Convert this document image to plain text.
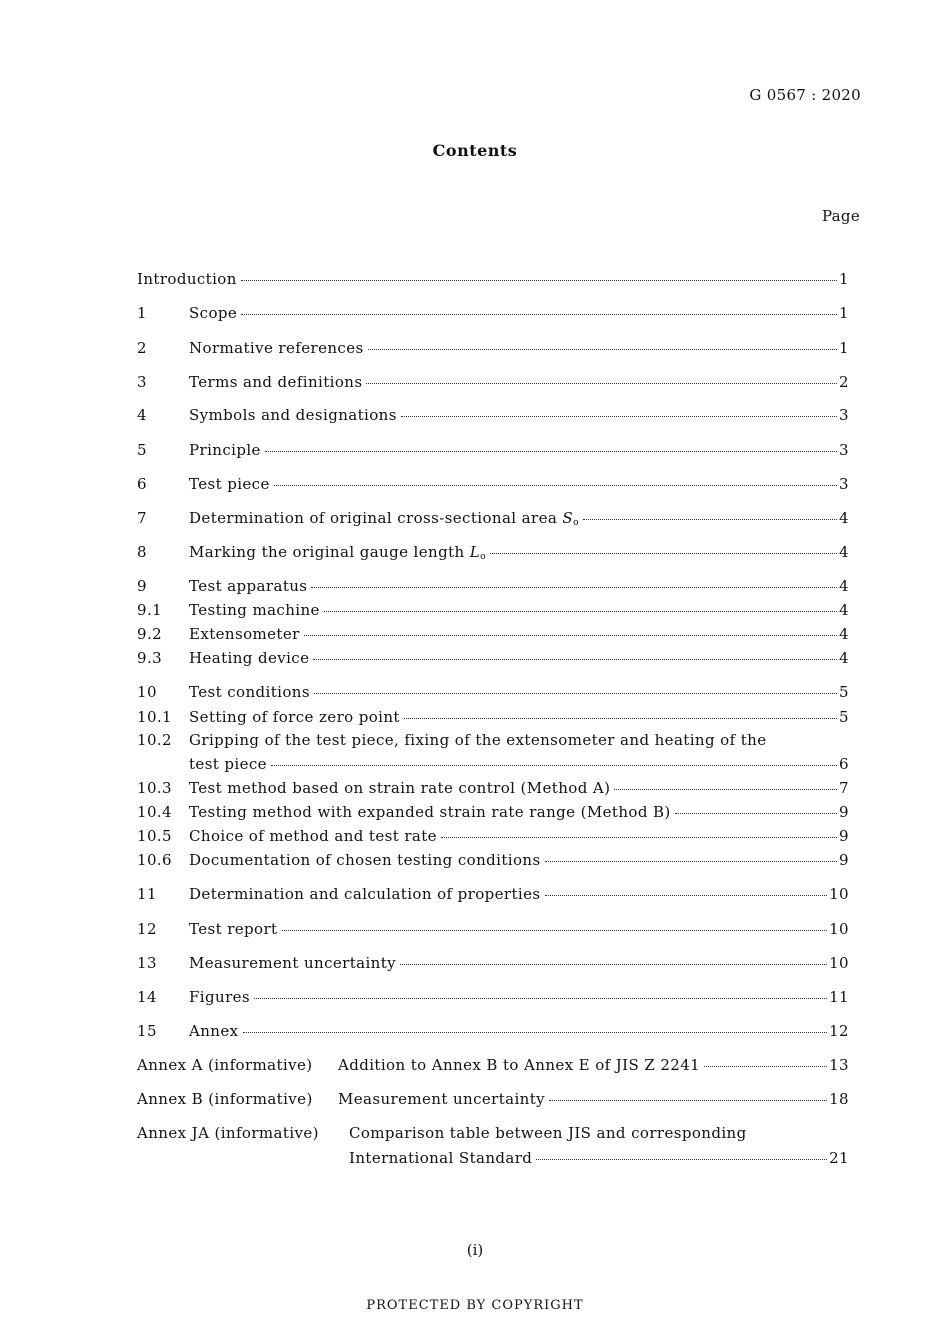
G 0567 : 2020
Contents
Page
Introduction	1
1	Scope	1
2	Normative references	1
3	Terms and definitions	2
4	Symbols and designations	3
5	Principle	3
6	Test piece	3
7	Determination of original cross-sectional area $S_o$	4
8	Marking the original gauge length $L_o$	4
9	Test apparatus	4
9.1	Testing machine	4
9.2	Extensometer	4
9.3	Heating device	4
10	Test conditions	5
10.1	Setting of force zero point	5
10.2	Gripping of the test piece, fixing of the extensometer and heating of the
test piece	6
10.3	Test method based on strain rate control (Method A)	7
10.4	Testing method with expanded strain rate range (Method B)	9
10.5	Choice of method and test rate	9
10.6	Documentation of chosen testing conditions	9
11	Determination and calculation of properties	10
12	Test report	10
13	Measurement uncertainty	10
14	Figures	11
15	Annex	12
Annex A (informative)	Addition to Annex B to Annex E of JIS Z 2241	13
Annex B (informative)	Measurement uncertainty	18
Annex JA (informative)	Comparison table between JIS and corresponding
International Standard	21
(i)
PROTECTED BY COPYRIGHT
